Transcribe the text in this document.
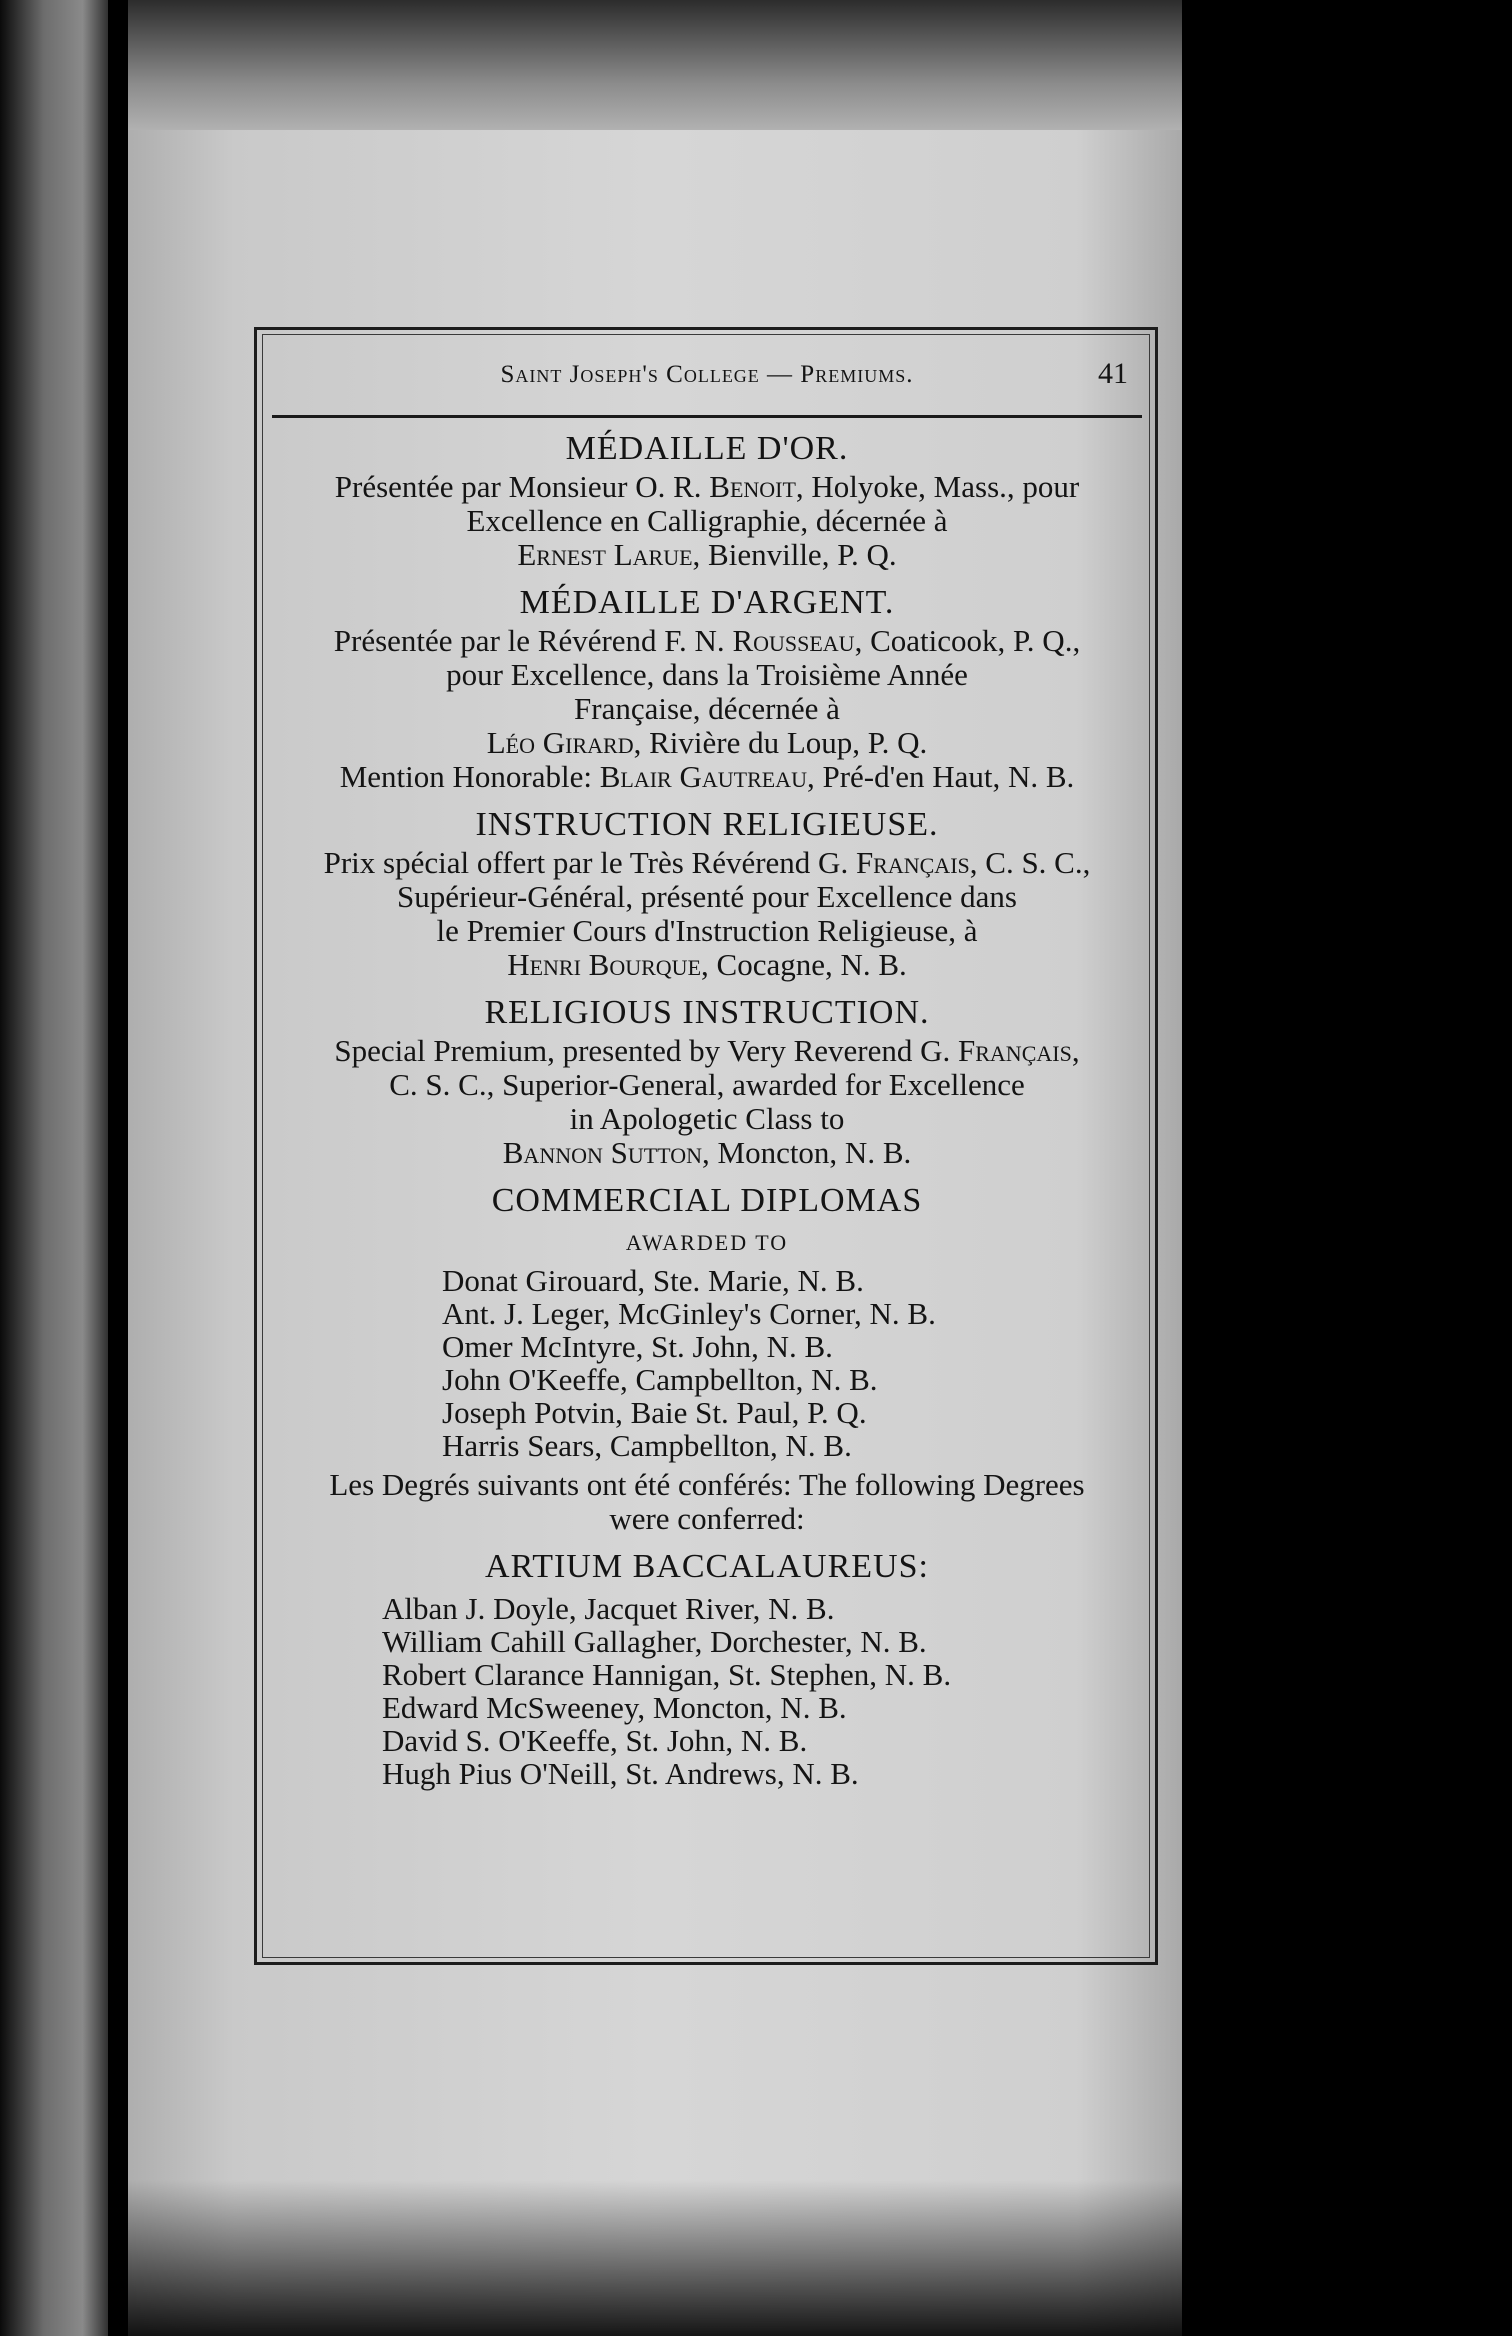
Saint Joseph's College — Premiums.	41
MÉDAILLE D'OR.
Présentée par Monsieur O. R. Benoit, Holyoke, Mass., pour
Excellence en Calligraphie, décernée à
Ernest Larue, Bienville, P. Q.
MÉDAILLE D'ARGENT.
Présentée par le Révérend F. N. Rousseau, Coaticook, P. Q.,
pour Excellence, dans la Troisième Année
Française, décernée à
Léo Girard, Rivière du Loup, P. Q.
Mention Honorable: Blair Gautreau, Pré-d'en Haut, N. B.
INSTRUCTION RELIGIEUSE.
Prix spécial offert par le Très Révérend G. Français, C. S. C.,
Supérieur-Général, présenté pour Excellence dans
le Premier Cours d'Instruction Religieuse, à
Henri Bourque, Cocagne, N. B.
RELIGIOUS INSTRUCTION.
Special Premium, presented by Very Reverend G. Français,
C. S. C., Superior-General, awarded for Excellence
in Apologetic Class to
Bannon Sutton, Moncton, N. B.
COMMERCIAL DIPLOMAS
AWARDED TO
Donat Girouard, Ste. Marie, N. B.
Ant. J. Leger, McGinley's Corner, N. B.
Omer McIntyre, St. John, N. B.
John O'Keeffe, Campbellton, N. B.
Joseph Potvin, Baie St. Paul, P. Q.
Harris Sears, Campbellton, N. B.
Les Degrés suivants ont été conférés: The following Degrees
were conferred:
ARTIUM BACCALAUREUS:
Alban J. Doyle, Jacquet River, N. B.
William Cahill Gallagher, Dorchester, N. B.
Robert Clarance Hannigan, St. Stephen, N. B.
Edward McSweeney, Moncton, N. B.
David S. O'Keeffe, St. John, N. B.
Hugh Pius O'Neill, St. Andrews, N. B.
